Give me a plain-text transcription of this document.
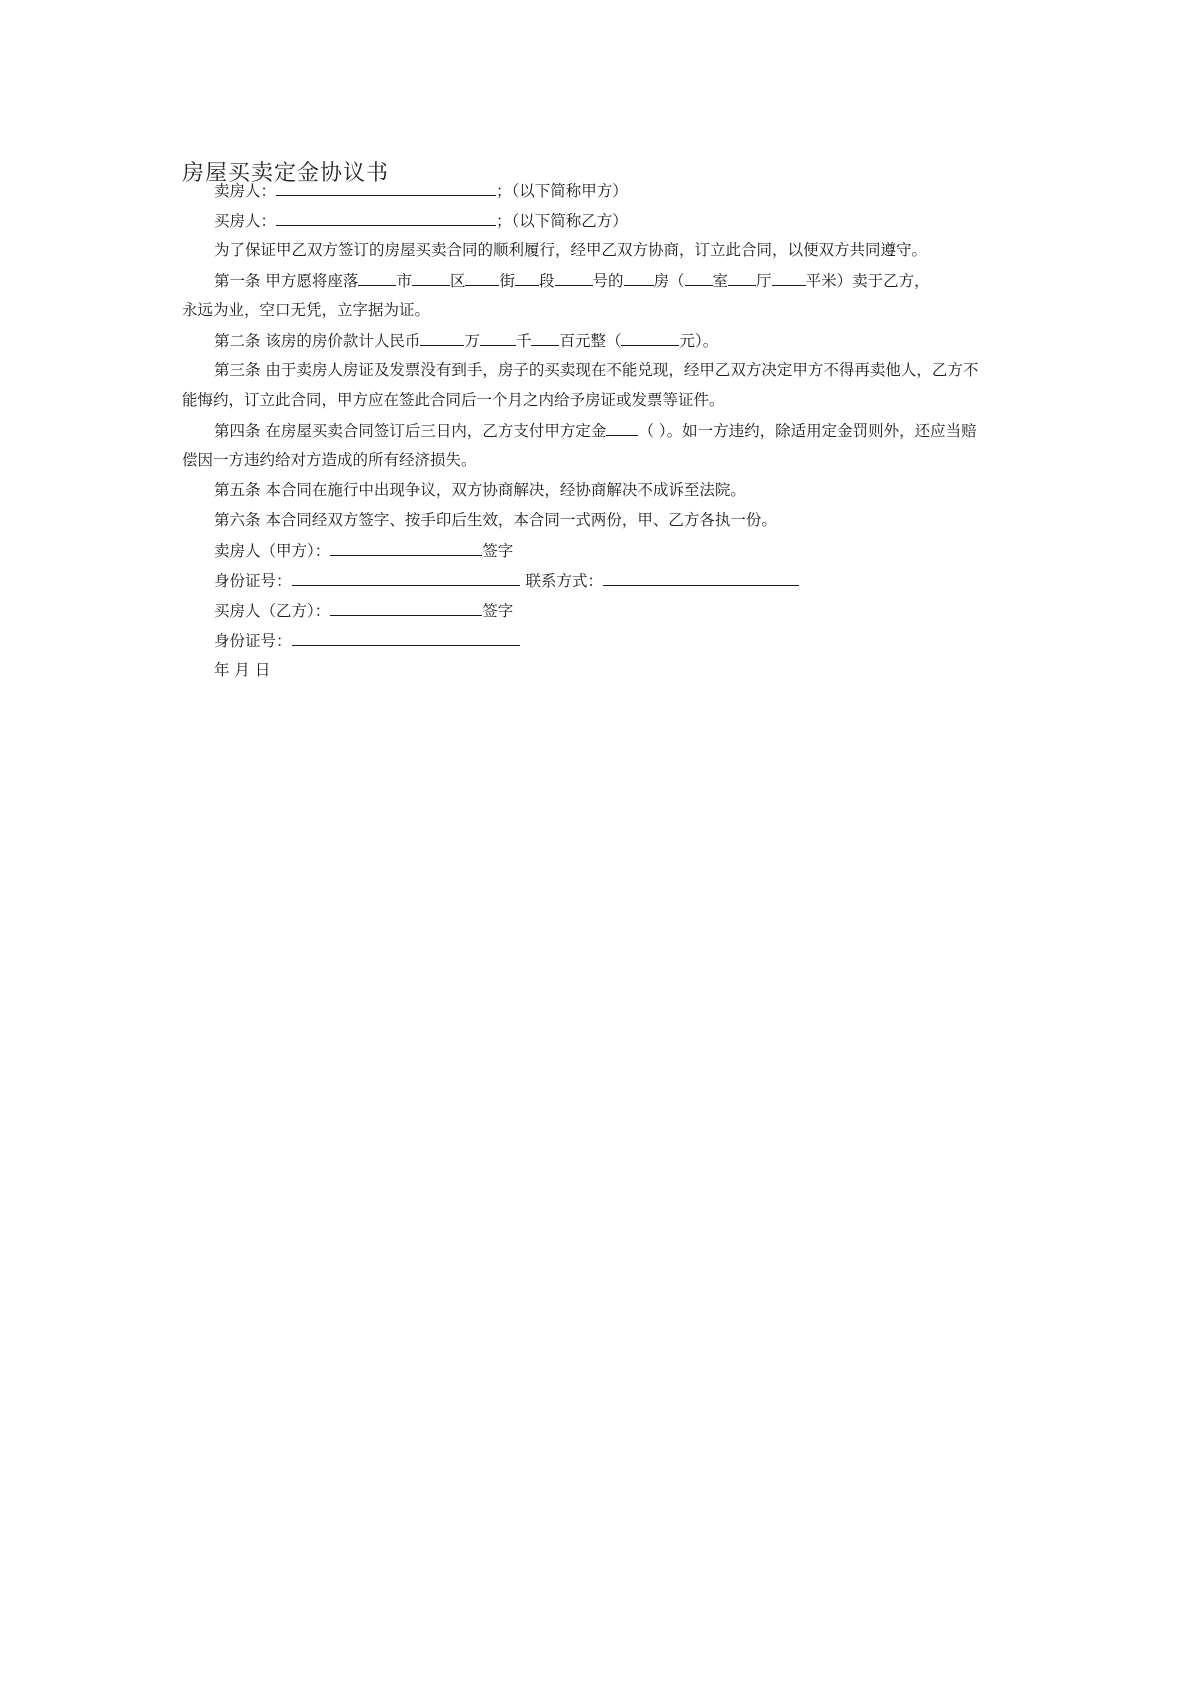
房屋买卖定金协议书
卖房人：	；（以下简称甲方）
买房人：	；（以下简称乙方）
为了保证甲乙双方签订的房屋买卖合同的顺利履行，经甲乙双方协商，订立此合同，以便双方共同遵守。
第一条 甲方愿将座落 市 区 街 段 号的 房（ 室 厅 平米）卖于乙方，
永远为业，空口无凭，立字据为证。
第二条 该房的房价款计人民币	万 千 百元整（	元）。
第三条 由于卖房人房证及发票没有到手，房子的买卖现在不能兑现，经甲乙双方决定甲方不得再卖他人，乙方不
能悔约，订立此合同，甲方应在签此合同后一个月之内给予房证或发票等证件。
第四条 在房屋买卖合同签订后三日内，乙方支付甲方定金 （ ）。如一方违约，除适用定金罚则外，还应当赔
偿因一方违约给对方造成的所有经济损失。
第五条 本合同在施行中出现争议，双方协商解决，经协商解决不成诉至法院。
第六条 本合同经双方签字、按手印后生效，本合同一式两份，甲、乙方各执一份。
卖房人（甲方）：	签字
身份证号：	联系方式：
买房人（乙方）：	签字
身份证号：
年 月 日
